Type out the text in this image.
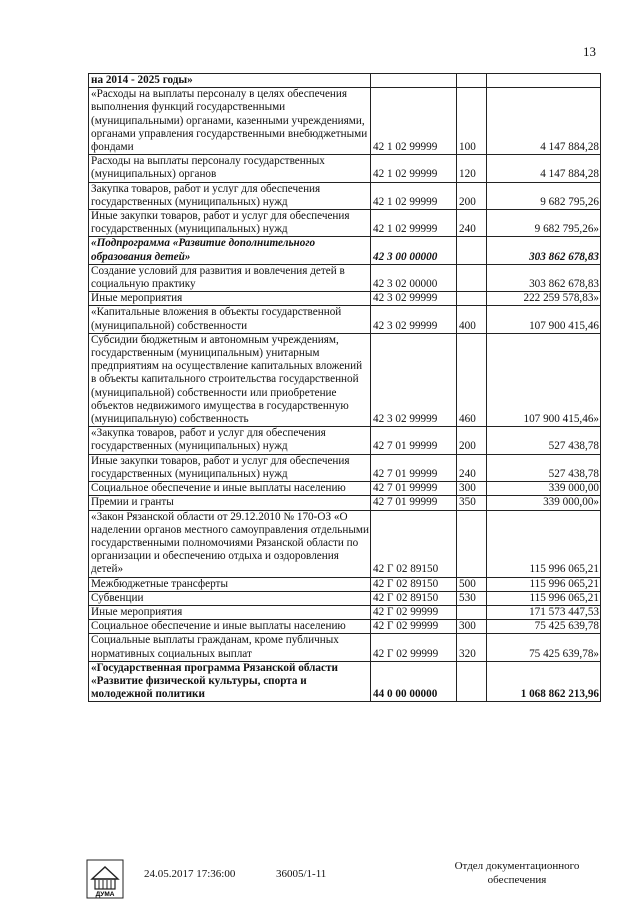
13
на 2014 - 2025 годы»			
«Расходы на выплаты персоналу в целях обеспечения выполнения функций государственными (муниципальными) органами, казенными учреждениями, органами управления государственными внебюджетными фондами	42 1 02 99999	100	4 147 884,28
Расходы на выплаты персоналу государственных (муниципальных) органов	42 1 02 99999	120	4 147 884,28
Закупка товаров, работ и услуг для обеспечения государственных (муниципальных) нужд	42 1 02 99999	200	9 682 795,26
Иные закупки товаров, работ и услуг для обеспечения государственных (муниципальных) нужд	42 1 02 99999	240	9 682 795,26»
«Подпрограмма «Развитие дополнительного образования детей»	42 3 00 00000		303 862 678,83
Создание условий для развития и вовлечения детей в социальную практику	42 3 02 00000		303 862 678,83
Иные мероприятия	42 3 02 99999		222 259 578,83»
«Капитальные вложения в объекты государственной (муниципальной) собственности	42 3 02 99999	400	107 900 415,46
Субсидии бюджетным и автономным учреждениям, государственным (муниципальным) унитарным предприятиям на осуществление капитальных вложений в объекты капитального строительства государственной (муниципальной) собственности или приобретение объектов недвижимого имущества в государственную (муниципальную) собственность	42 3 02 99999	460	107 900 415,46»
«Закупка товаров, работ и услуг для обеспечения государственных (муниципальных) нужд	42 7 01 99999	200	527 438,78
Иные закупки товаров, работ и услуг для обеспечения государственных (муниципальных) нужд	42 7 01 99999	240	527 438,78
Социальное обеспечение и иные выплаты населению	42 7 01 99999	300	339 000,00
Премии и гранты	42 7 01 99999	350	339 000,00»
«Закон Рязанской области от 29.12.2010 № 170-ОЗ «О наделении органов местного самоуправления отдельными государственными полномочиями Рязанской области по организации и обеспечению отдыха и оздоровления детей»	42 Г 02 89150		115 996 065,21
Межбюджетные трансферты	42 Г 02 89150	500	115 996 065,21
Субвенции	42 Г 02 89150	530	115 996 065,21
Иные мероприятия	42 Г 02 99999		171 573 447,53
Социальное обеспечение и иные выплаты населению	42 Г 02 99999	300	75 425 639,78
Социальные выплаты гражданам, кроме публичных нормативных социальных выплат	42 Г 02 99999	320	75 425 639,78»
«Государственная программа Рязанской области «Развитие физической культуры, спорта и молодежной политики	44 0 00 00000		1 068 862 213,96
ДУМА
24.05.2017 17:36:00	36005/1-11
Отдел документационного обеспечения
